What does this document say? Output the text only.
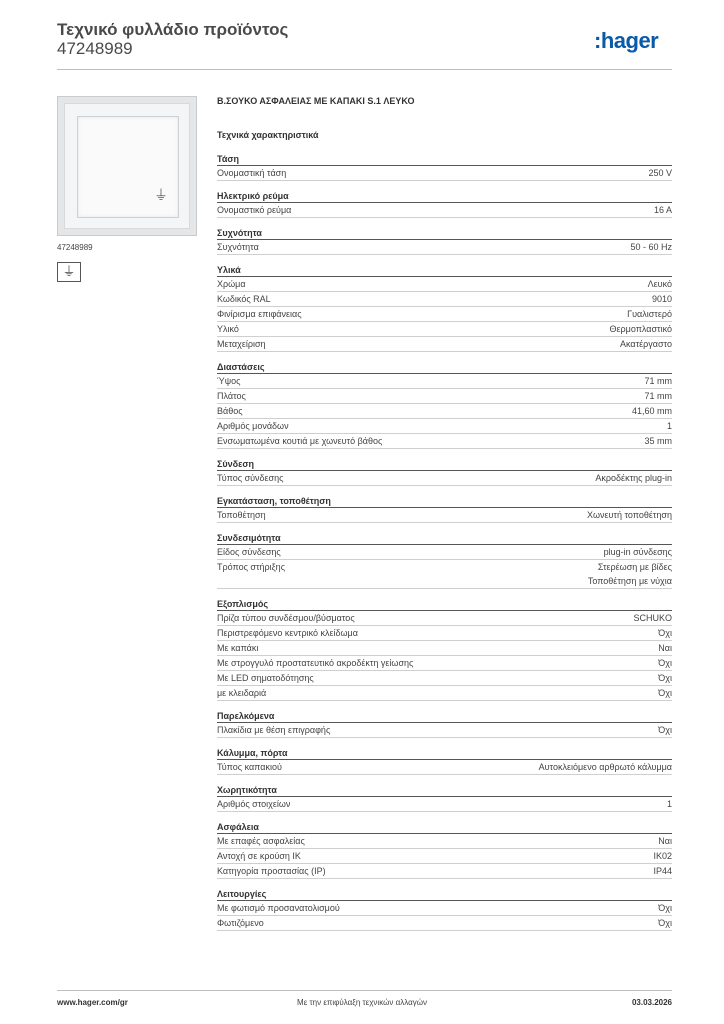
Τεχνικό φυλλάδιο προϊόντος
47248989	:hager
⏚
47248989
⏚
Β.ΣΟΥΚΟ ΑΣΦΑΛΕΙΑΣ ΜΕ ΚΑΠΑΚΙ S.1 ΛΕΥΚΟ
Τεχνικά χαρακτηριστικά
Τάση
Ονομαστική τάση	250 V
Ηλεκτρικό ρεύμα
Ονομαστικό ρεύμα	16 A
Συχνότητα
Συχνότητα	50 - 60 Hz
Υλικά
Χρώμα	Λευκό
Κωδικός RAL	9010
Φινίρισμα επιφάνειας	Γυαλιστερό
Υλικό	Θερμοπλαστικό
Μεταχείριση	Ακατέργαστο
Διαστάσεις
Ύψος	71 mm
Πλάτος	71 mm
Βάθος	41,60 mm
Αριθμός μονάδων	1
Ενσωματωμένα κουτιά με χωνευτό βάθος	35 mm
Σύνδεση
Τύπος σύνδεσης	Ακροδέκτης plug-in
Εγκατάσταση, τοποθέτηση
Τοποθέτηση	Χωνευτή τοποθέτηση
Συνδεσιμότητα
Είδος σύνδεσης	plug-in σύνδεσης
Τρόπος στήριξης	Στερέωση με βίδες
Τοποθέτηση με νύχια
Εξοπλισμός
Πρίζα τύπου συνδέσμου/βύσματος	SCHUKO
Περιστρεφόμενο κεντρικό κλείδωμα	Όχι
Με καπάκι	Ναι
Με στρογγυλό προστατευτικό ακροδέκτη γείωσης	Όχι
Με LED σηματοδότησης	Όχι
με κλειδαριά	Όχι
Παρελκόμενα
Πλακίδια με θέση επιγραφής	Όχι
Κάλυμμα, πόρτα
Τύπος καπακιού	Αυτοκλειόμενο αρθρωτό κάλυμμα
Χωρητικότητα
Αριθμός στοιχείων	1
Ασφάλεια
Με επαφές ασφαλείας	Ναι
Αντοχή σε κρούση IK	IK02
Κατηγορία προστασίας (IP)	IP44
Λειτουργίες
Με φωτισμό προσανατολισμού	Όχι
Φωτιζόμενο	Όχι
www.hager.com/gr	Με την επιφύλαξη τεχνικών αλλαγών	03.03.2026
